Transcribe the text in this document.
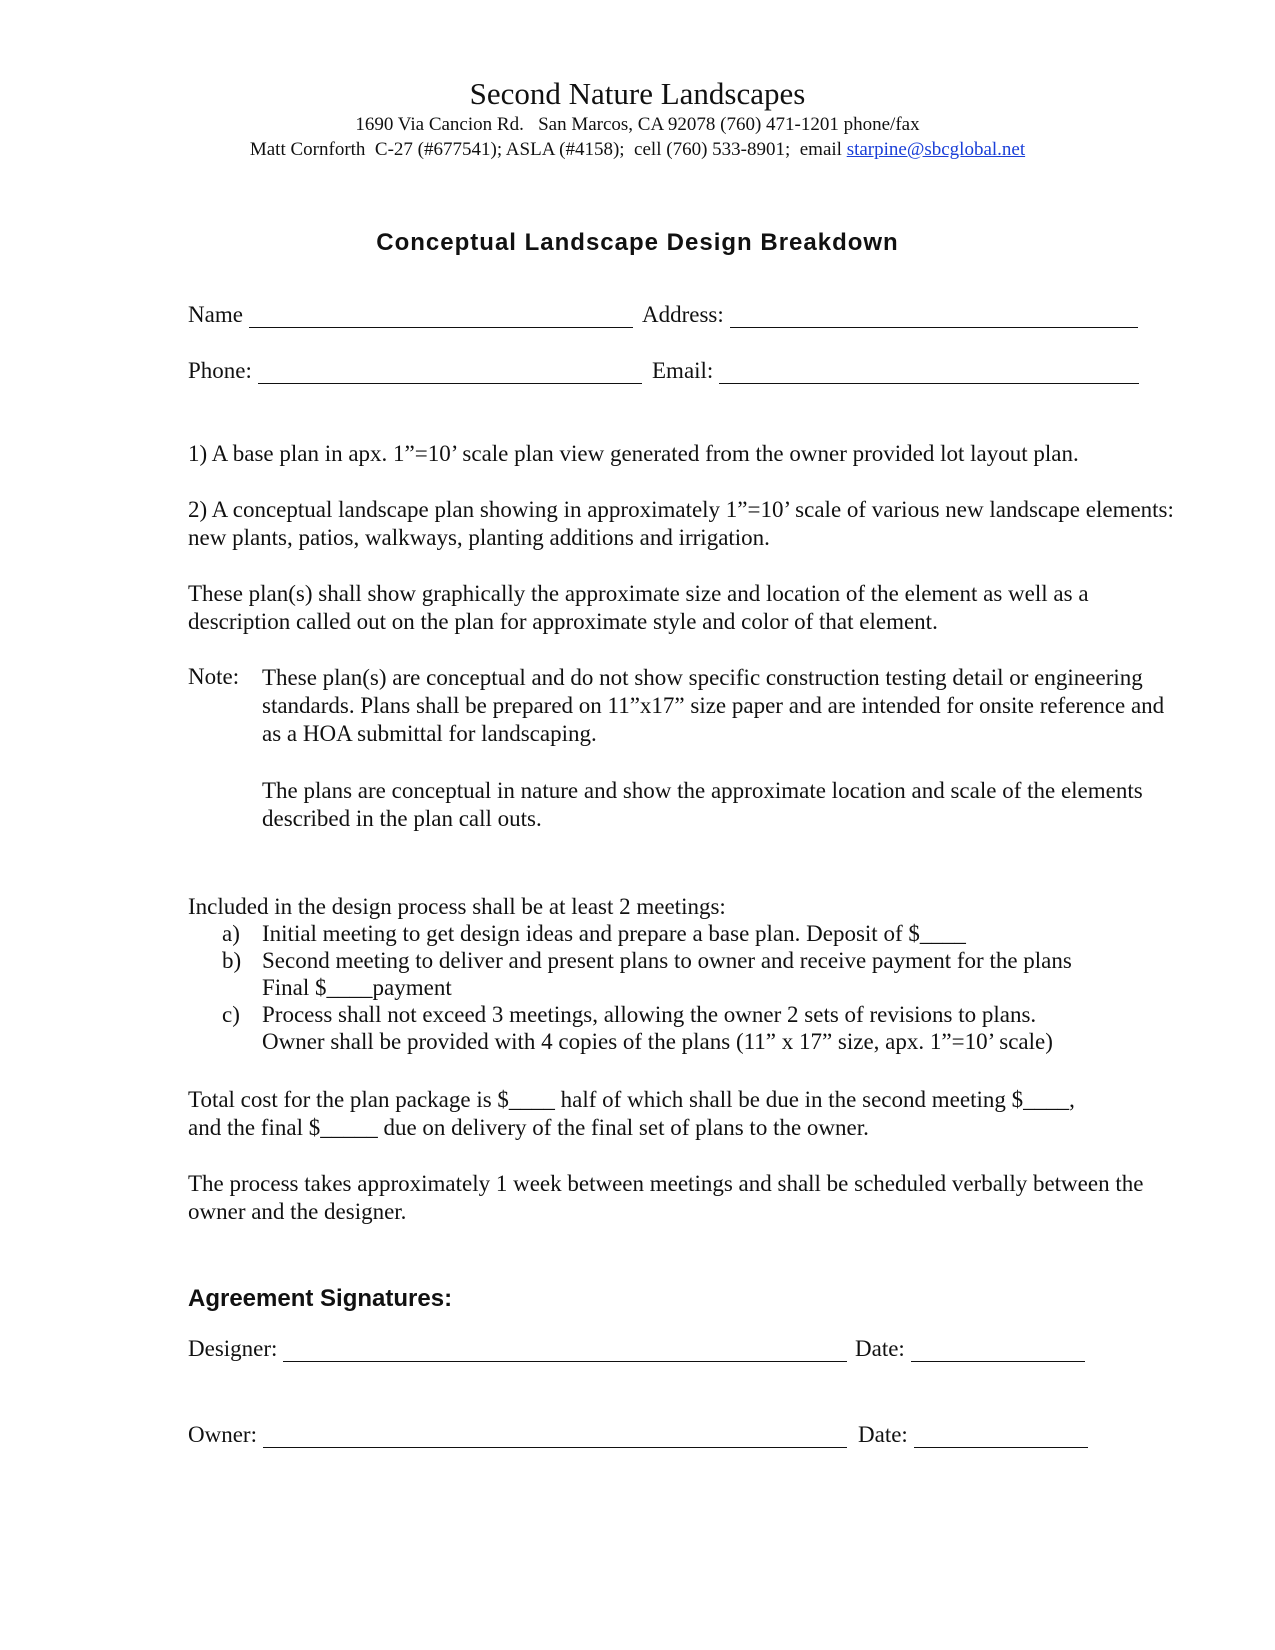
Second Nature Landscapes
1690 Via Cancion Rd.   San Marcos, CA 92078 (760) 471-1201 phone/fax
Matt Cornforth  C-27 (#677541); ASLA (#4158);  cell (760) 533-8901;  email starpine@sbcglobal.net
Conceptual Landscape Design Breakdown
Name	Address:
Phone:	Email:
1) A base plan in apx. 1”=10’ scale plan view generated from the owner provided lot layout plan.
2) A conceptual landscape plan showing in approximately 1”=10’ scale of various new landscape elements: new plants, patios, walkways, planting additions and irrigation.
These plan(s) shall show graphically the approximate size and location of the element as well as a description called out on the plan for approximate style and color of that element.
Note: These plan(s) are conceptual and do not show specific construction testing detail or engineering standards. Plans shall be prepared on 11”x17” size paper and are intended for onsite reference and as a HOA submittal for landscaping.
The plans are conceptual in nature and show the approximate location and scale of the elements described in the plan call outs.
Included in the design process shall be at least 2 meetings:
a) Initial meeting to get design ideas and prepare a base plan. Deposit of $____
b) Second meeting to deliver and present plans to owner and receive payment for the plans
Final $____payment
c) Process shall not exceed 3 meetings, allowing the owner 2 sets of revisions to plans.
Owner shall be provided with 4 copies of the plans (11” x 17” size, apx. 1”=10’ scale)
Total cost for the plan package is $____ half of which shall be due in the second meeting $____,
and the final $_____ due on delivery of the final set of plans to the owner.
The process takes approximately 1 week between meetings and shall be scheduled verbally between the owner and the designer.
Agreement Signatures:
Designer:	Date:
Owner:	Date:
